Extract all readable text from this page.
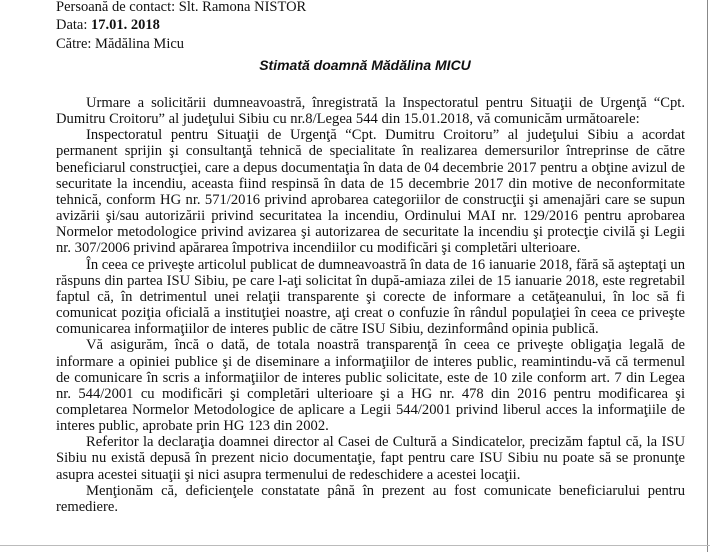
Persoană de contact: Slt. Ramona NISTOR
Data: 17.01. 2018
Către: Mădălina Micu
Stimată doamnă Mădălina MICU

Urmare a solicitării dumneavoastră, înregistrată la Inspectoratul pentru Situaţii de Urgenţă “Cpt. Dumitru Croitoru” al judeţului Sibiu cu nr.8/Legea 544 din 15.01.2018, vă comunicăm următoarele:

Inspectoratul pentru Situaţii de Urgenţă “Cpt. Dumitru Croitoru” al judeţului Sibiu a acordat permanent sprijin şi consultanţă tehnică de specialitate în realizarea demersurilor întreprinse de către beneficiarul construcţiei, care a depus documentaţia în data de 04 decembrie 2017 pentru a obţine avizul de securitate la incendiu, aceasta fiind respinsă în data de 15 decembrie 2017 din motive de neconformitate tehnică, conform HG nr. 571/2016 privind aprobarea categoriilor de construcţii şi amenajări care se supun avizării şi/sau autorizării privind securitatea la incendiu, Ordinului MAI nr. 129/2016 pentru aprobarea Normelor metodologice privind avizarea şi autorizarea de securitate la incendiu şi protecţie civilă şi Legii nr. 307/2006 privind apărarea împotriva incendiilor cu modificări şi completări ulterioare.

În ceea ce priveşte articolul publicat de dumneavoastră în data de 16 ianuarie 2018, fără să aşteptaţi un răspuns din partea ISU Sibiu, pe care l-aţi solicitat în după-amiaza zilei de 15 ianuarie 2018, este regretabil faptul că, în detrimentul unei relaţii transparente şi corecte de informare a cetăţeanului, în loc să fi comunicat poziţia oficială a instituţiei noastre, aţi creat o confuzie în rândul populaţiei în ceea ce priveşte comunicarea informaţiilor de interes public de către ISU Sibiu, dezinformând opinia publică.

Vă asigurăm, încă o dată, de totala noastră transparenţă în ceea ce priveşte obligaţia legală de informare a opiniei publice şi de diseminare a informaţiilor de interes public, reamintindu-vă că termenul de comunicare în scris a informaţiilor de interes public solicitate, este de 10 zile conform art. 7 din Legea nr. 544/2001 cu modificări şi completări ulterioare şi a HG nr. 478 din 2016 pentru modificarea şi completarea Normelor Metodologice de aplicare a Legii 544/2001 privind liberul acces la informaţiile de interes public, aprobate prin HG 123 din 2002.

Referitor la declaraţia doamnei director al Casei de Cultură a Sindicatelor, precizăm faptul că, la ISU Sibiu nu există depusă în prezent nicio documentaţie, fapt pentru care ISU Sibiu nu poate să se pronunţe asupra acestei situaţii şi nici asupra termenului de redeschidere a acestei locaţii.

Menţionăm că, deficienţele constatate până în prezent au fost comunicate beneficiarului pentru remediere.
